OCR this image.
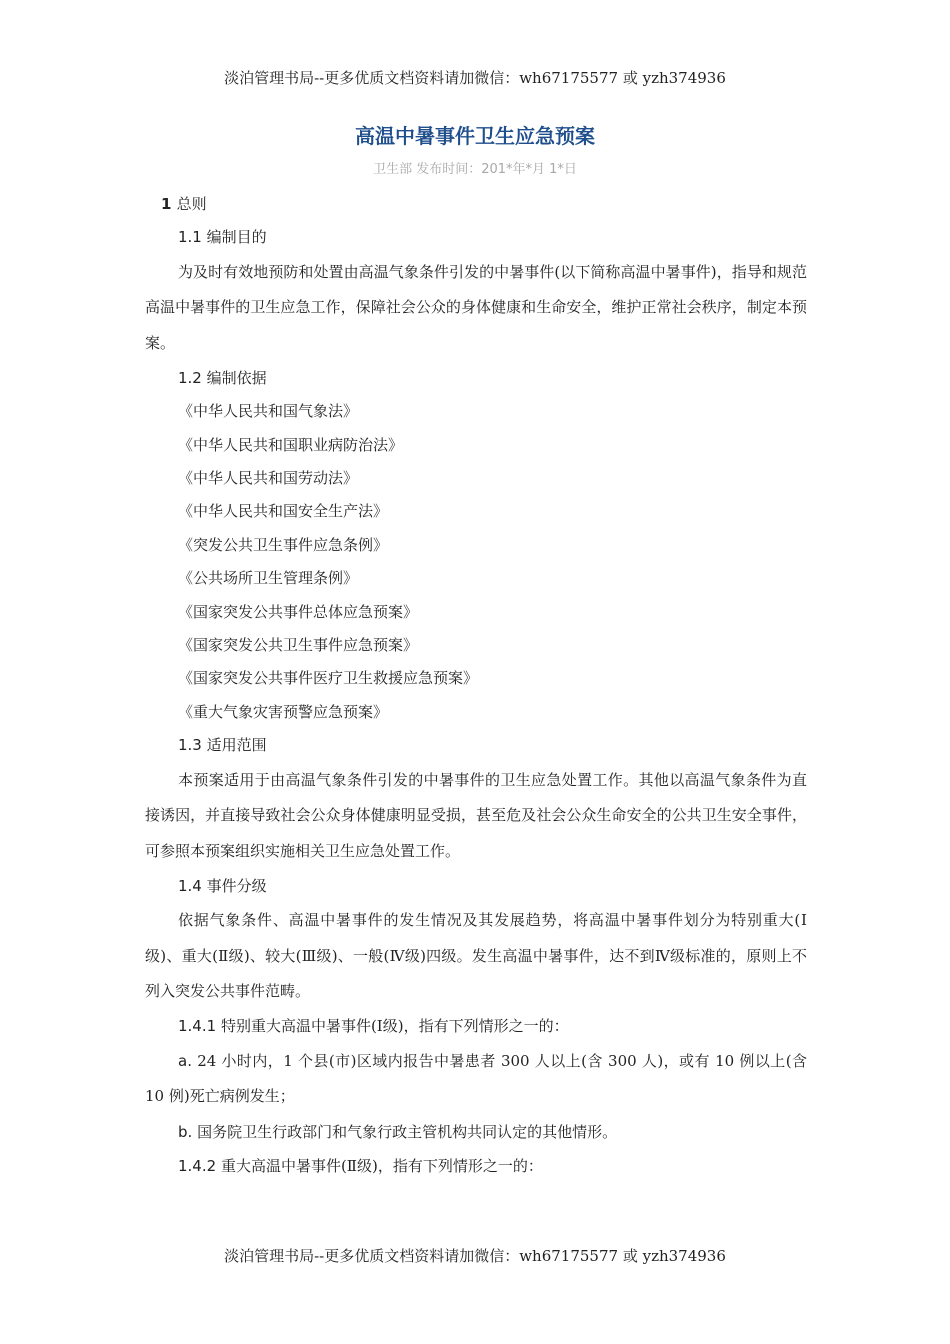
淡泊管理书局--更多优质文档资料请加微信：wh67175577 或 yzh374936
高温中暑事件卫生应急预案
卫生部 发布时间：201*年*月 1*日
1 总则
1.1 编制目的

为及时有效地预防和处置由高温气象条件引发的中暑事件(以下简称高温中暑事件)，指导和规范高温中暑事件的卫生应急工作，保障社会公众的身体健康和生命安全，维护正常社会秩序，制定本预案。

1.2 编制依据
《中华人民共和国气象法》
《中华人民共和国职业病防治法》
《中华人民共和国劳动法》
《中华人民共和国安全生产法》
《突发公共卫生事件应急条例》
《公共场所卫生管理条例》
《国家突发公共事件总体应急预案》
《国家突发公共卫生事件应急预案》
《国家突发公共事件医疗卫生救援应急预案》
《重大气象灾害预警应急预案》
1.3 适用范围

本预案适用于由高温气象条件引发的中暑事件的卫生应急处置工作。其他以高温气象条件为直接诱因，并直接导致社会公众身体健康明显受损，甚至危及社会公众生命安全的公共卫生安全事件，可参照本预案组织实施相关卫生应急处置工作。

1.4 事件分级

依据气象条件、高温中暑事件的发生情况及其发展趋势，将高温中暑事件划分为特别重大(Ⅰ级)、重大(Ⅱ级)、较大(Ⅲ级)、一般(Ⅳ级)四级。发生高温中暑事件，达不到Ⅳ级标准的，原则上不列入突发公共事件范畴。

1.4.1 特别重大高温中暑事件(Ⅰ级)，指有下列情形之一的：

a. 24 小时内，1 个县(市)区域内报告中暑患者 300 人以上(含 300 人)，或有 10 例以上(含 10 例)死亡病例发生；

b. 国务院卫生行政部门和气象行政主管机构共同认定的其他情形。

1.4.2 重大高温中暑事件(Ⅱ级)，指有下列情形之一的：
淡泊管理书局--更多优质文档资料请加微信：wh67175577 或 yzh374936
